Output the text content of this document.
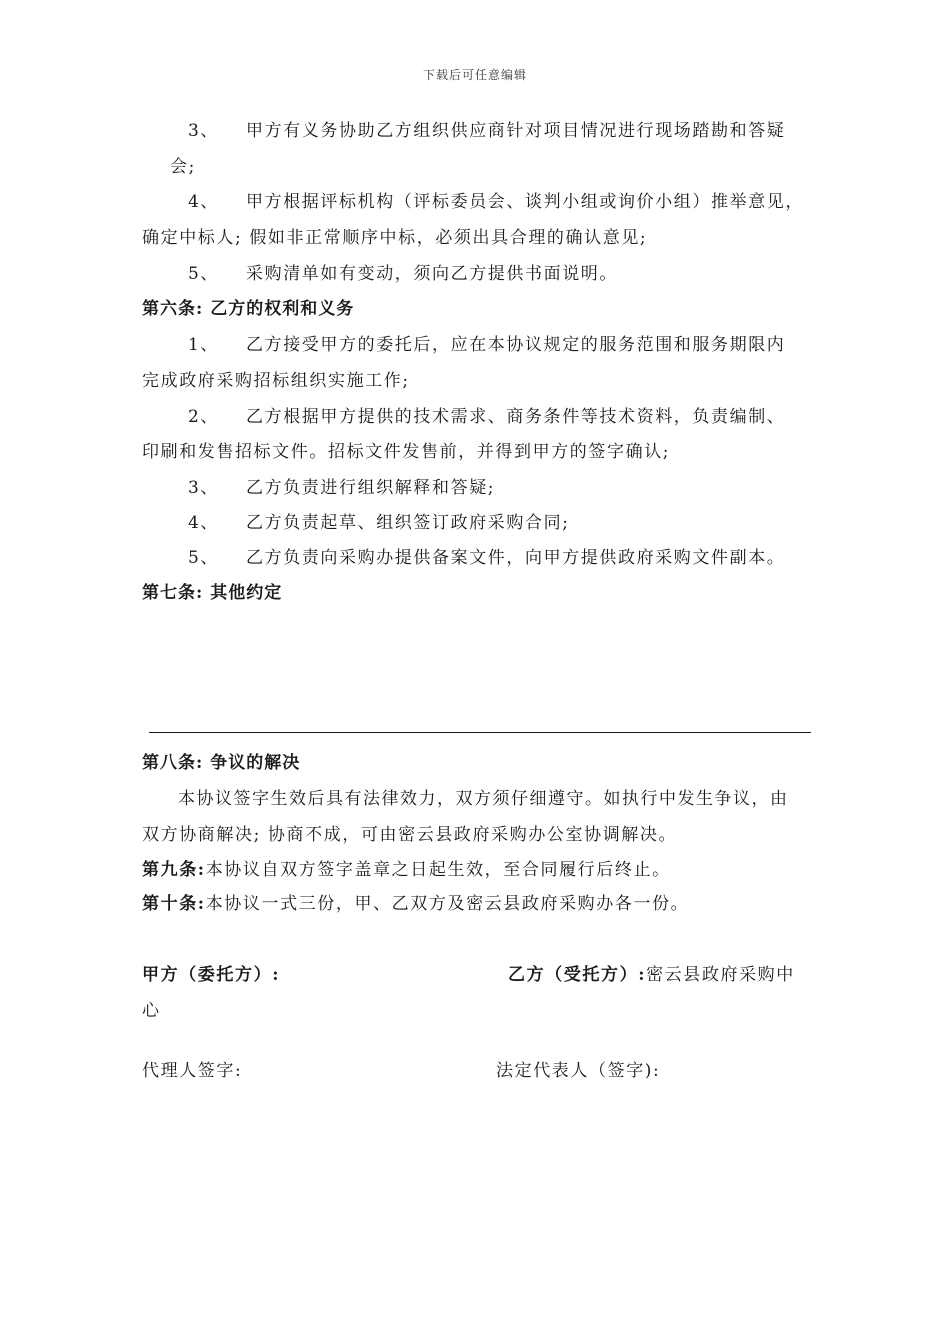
下载后可任意编辑
3、 甲方有义务协助乙方组织供应商针对项目情况进行现场踏勘和答疑
会;
4、 甲方根据评标机构（评标委员会、谈判小组或询价小组）推举意见，
确定中标人; 假如非正常顺序中标，必须出具合理的确认意见;
5、 采购清单如有变动，须向乙方提供书面说明。
第六条: 乙方的权利和义务
1、 乙方接受甲方的委托后，应在本协议规定的服务范围和服务期限内
完成政府采购招标组织实施工作;
2、 乙方根据甲方提供的技术需求、商务条件等技术资料，负责编制、
印刷和发售招标文件。招标文件发售前，并得到甲方的签字确认;
3、 乙方负责进行组织解释和答疑;
4、 乙方负责起草、组织签订政府采购合同;
5、 乙方负责向采购办提供备案文件，向甲方提供政府采购文件副本。
第七条: 其他约定
第八条: 争议的解决
本协议签字生效后具有法律效力，双方须仔细遵守。如执行中发生争议，由
双方协商解决; 协商不成，可由密云县政府采购办公室协调解决。
第九条:本协议自双方签字盖章之日起生效，至合同履行后终止。
第十条:本协议一式三份，甲、乙双方及密云县政府采购办各一份。
甲方（委托方）:	乙方（受托方）:密云县政府采购中
心
代理人签字:	法定代表人（签字):
